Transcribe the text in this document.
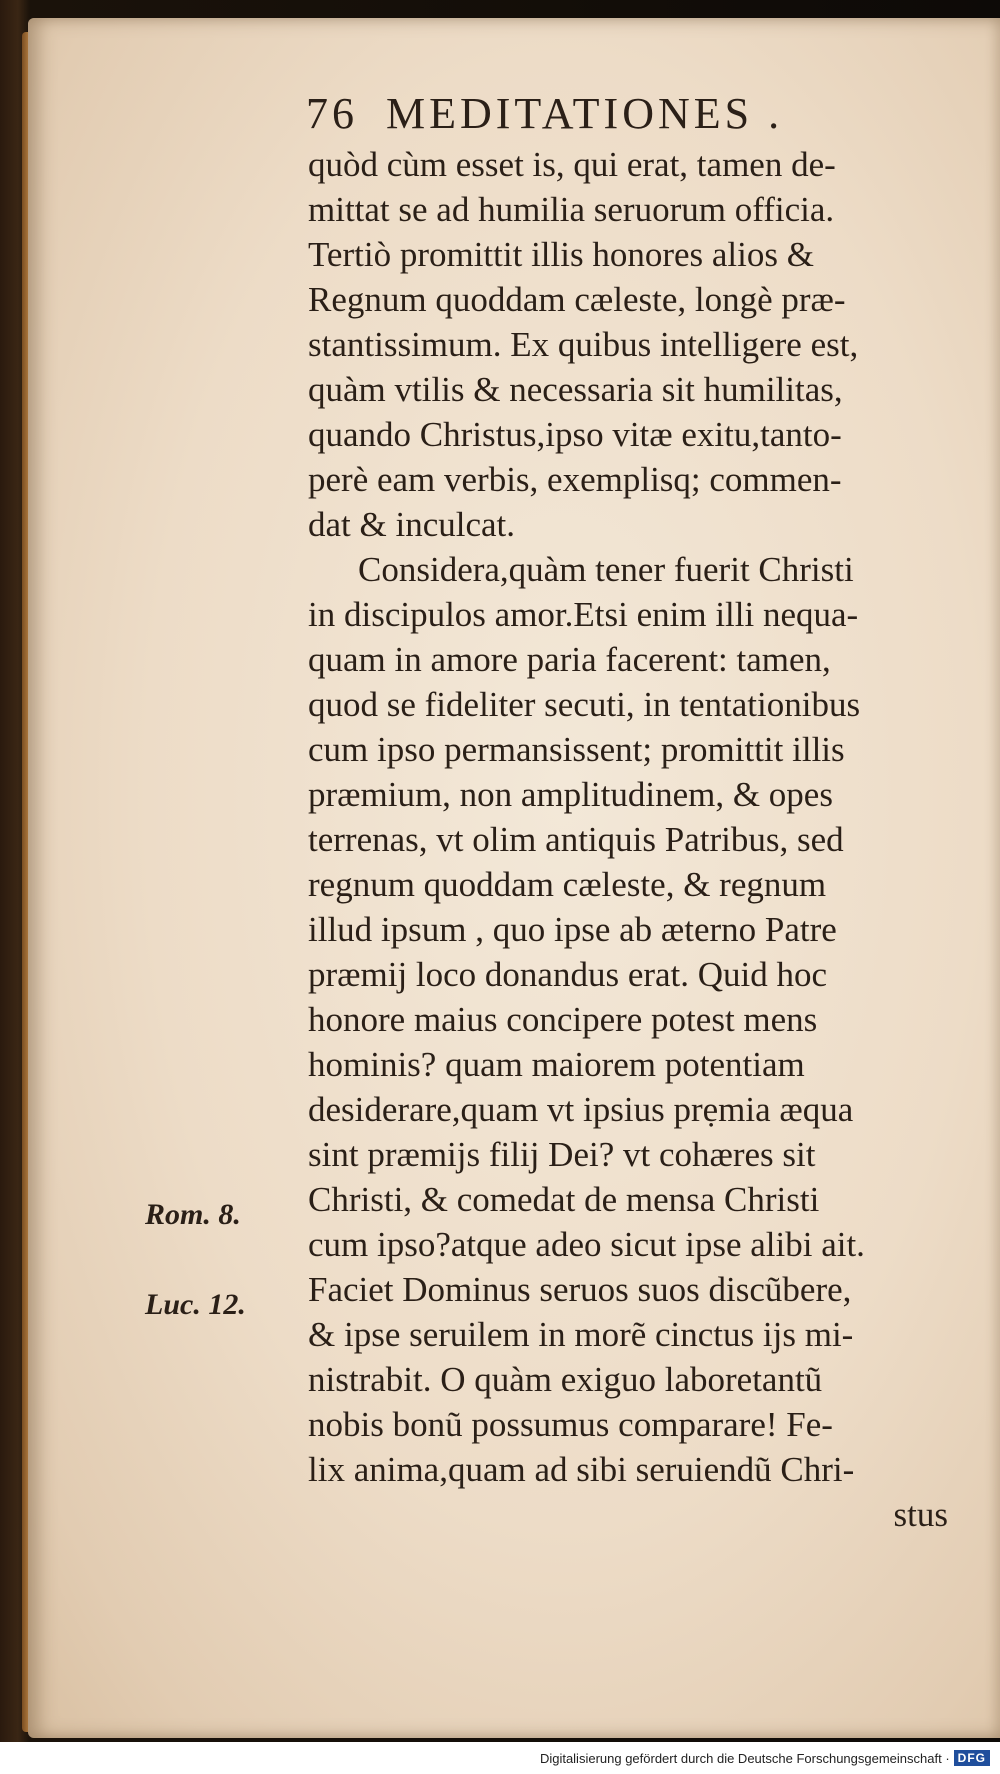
76 MEDITATIONES .
quòd cùm esset is, qui erat, tamen de-
mittat se ad humilia seruorum officia.
Tertiò promittit illis honores alios &
Regnum quoddam cæleste, longè præ-
stantissimum. Ex quibus intelligere est,
quàm vtilis & necessaria sit humilitas,
quando Christus,ipso vitæ exitu,tanto-
perè eam verbis, exemplisq; commen-
dat & inculcat.
Considera,quàm tener fuerit Christi
in discipulos amor.Etsi enim illi nequa-
quam in amore paria facerent: tamen,
quod se fideliter secuti, in tentationibus
cum ipso permansissent; promittit illis
præmium, non amplitudinem, & opes
terrenas, vt olim antiquis Patribus, sed
regnum quoddam cæleste, & regnum
illud ipsum , quo ipse ab æterno Patre
præmij loco donandus erat. Quid hoc
honore maius concipere potest mens
hominis? quam maiorem potentiam
desiderare,quam vt ipsius prẹmia æqua
sint præmijs filij Dei? vt cohæres sit
Christi, & comedat de mensa Christi
cum ipso?atque adeo sicut ipse alibi ait.
Faciet Dominus seruos suos discũbere,
& ipse seruilem in morẽ cinctus ijs mi-
nistrabit. O quàm exiguo laboretantũ
nobis bonũ possumus comparare! Fe-
lix anima,quam ad sibi seruiendũ Chri-
stus
Rom. 8.
Luc. 12.
Digitalisierung gefördert durch die Deutsche Forschungsgemeinschaft · DFG
